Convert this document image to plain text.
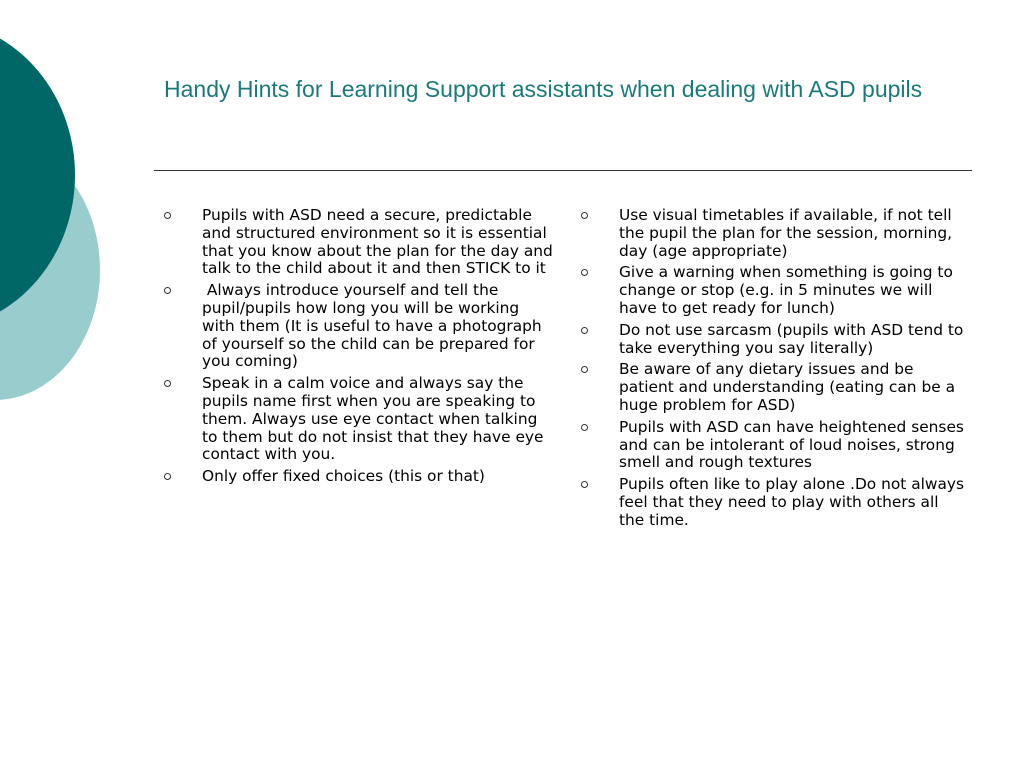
Handy Hints for Learning Support assistants when dealing with ASD pupils
Pupils with ASD need a secure, predictable and structured environment so it is essential that you know about the plan for the day and talk to the child about it and then STICK to it
Always introduce yourself and tell the pupil/pupils how long you will be working with them (It is useful to have a photograph of yourself so the child can be prepared for you coming)
Speak in a calm voice and always say the pupils name first when you are speaking to them. Always use eye contact when talking to them but do not insist that they have eye contact with you.
Only offer fixed choices (this or that)
Use visual timetables if available, if not tell the pupil the plan for the session, morning, day (age appropriate)
Give a warning when something is going to change or stop (e.g. in 5 minutes we will have to get ready for lunch)
Do not use sarcasm (pupils with ASD tend to take everything you say literally)
Be aware of any dietary issues and be patient and understanding (eating can be a huge problem for ASD)
Pupils with ASD can have heightened senses and can be intolerant of loud noises, strong smell and rough textures
Pupils often like to play alone .Do not always feel that they need to play with others all the time.
